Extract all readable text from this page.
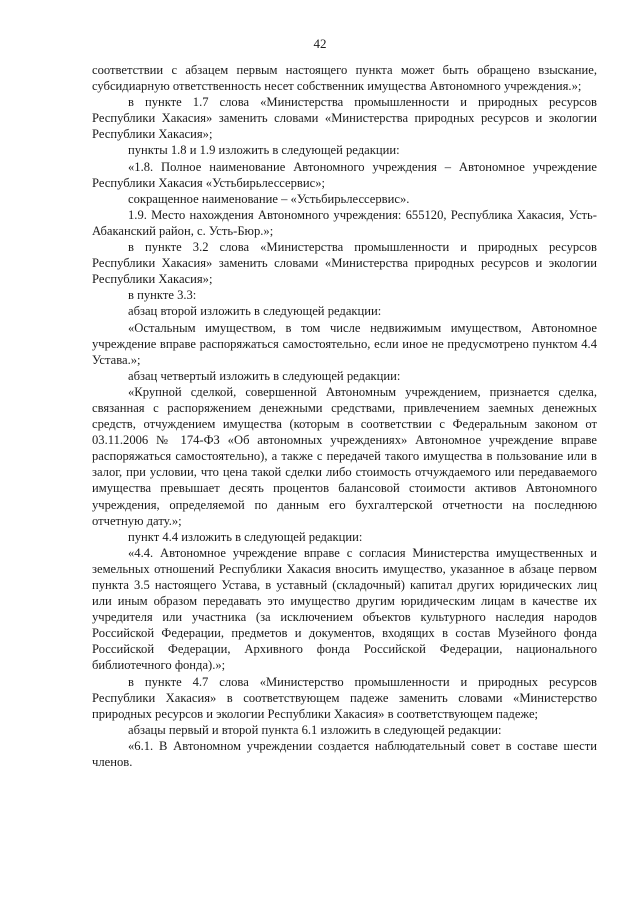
42

соответствии с абзацем первым настоящего пункта может быть обращено взыскание, субсидиарную ответственность несет собственник имущества Автономного учреждения.»;

в пункте 1.7 слова «Министерства промышленности и природных ресурсов Республики Хакасия» заменить словами «Министерства природных ресурсов и экологии Республики Хакасия»;

пункты 1.8 и 1.9 изложить в следующей редакции:

«1.8. Полное наименование Автономного учреждения – Автономное учреждение Республики Хакасия «Устьбирьлессервис»;

сокращенное наименование – «Устьбирьлессервис».

1.9. Место нахождения Автономного учреждения: 655120, Республика Хакасия, Усть-Абаканский район, с. Усть-Бюр.»;

в пункте 3.2 слова «Министерства промышленности и природных ресурсов Республики Хакасия» заменить словами «Министерства природных ресурсов и экологии Республики Хакасия»;

в пункте 3.3:

абзац второй изложить в следующей редакции:

«Остальным имуществом, в том числе недвижимым имуществом, Автономное учреждение вправе распоряжаться самостоятельно, если иное не предусмотрено пунктом 4.4 Устава.»;

абзац четвертый изложить в следующей редакции:

«Крупной сделкой, совершенной Автономным учреждением, признается сделка, связанная с распоряжением денежными средствами, привлечением заемных денежных средств, отчуждением имущества (которым в соответствии с Федеральным законом от 03.11.2006 № 174-ФЗ «Об автономных учреждениях» Автономное учреждение вправе распоряжаться самостоятельно), а также с передачей такого имущества в пользование или в залог, при условии, что цена такой сделки либо стоимость отчуждаемого или передаваемого имущества превышает десять процентов балансовой стоимости активов Автономного учреждения, определяемой по данным его бухгалтерской отчетности на последнюю отчетную дату.»;

пункт 4.4 изложить в следующей редакции:

«4.4. Автономное учреждение вправе с согласия Министерства имущественных и земельных отношений Республики Хакасия вносить имущество, указанное в абзаце первом пункта 3.5 настоящего Устава, в уставный (складочный) капитал других юридических лиц или иным образом передавать это имущество другим юридическим лицам в качестве их учредителя или участника (за исключением объектов культурного наследия народов Российской Федерации, предметов и документов, входящих в состав Музейного фонда Российской Федерации, Архивного фонда Российской Федерации, национального библиотечного фонда).»;

в пункте 4.7 слова «Министерство промышленности и природных ресурсов Республики Хакасия» в соответствующем падеже заменить словами «Министерство природных ресурсов и экологии Республики Хакасия» в соответствующем падеже;

абзацы первый и второй пункта 6.1 изложить в следующей редакции:

«6.1. В Автономном учреждении создается наблюдательный совет в составе шести членов.
